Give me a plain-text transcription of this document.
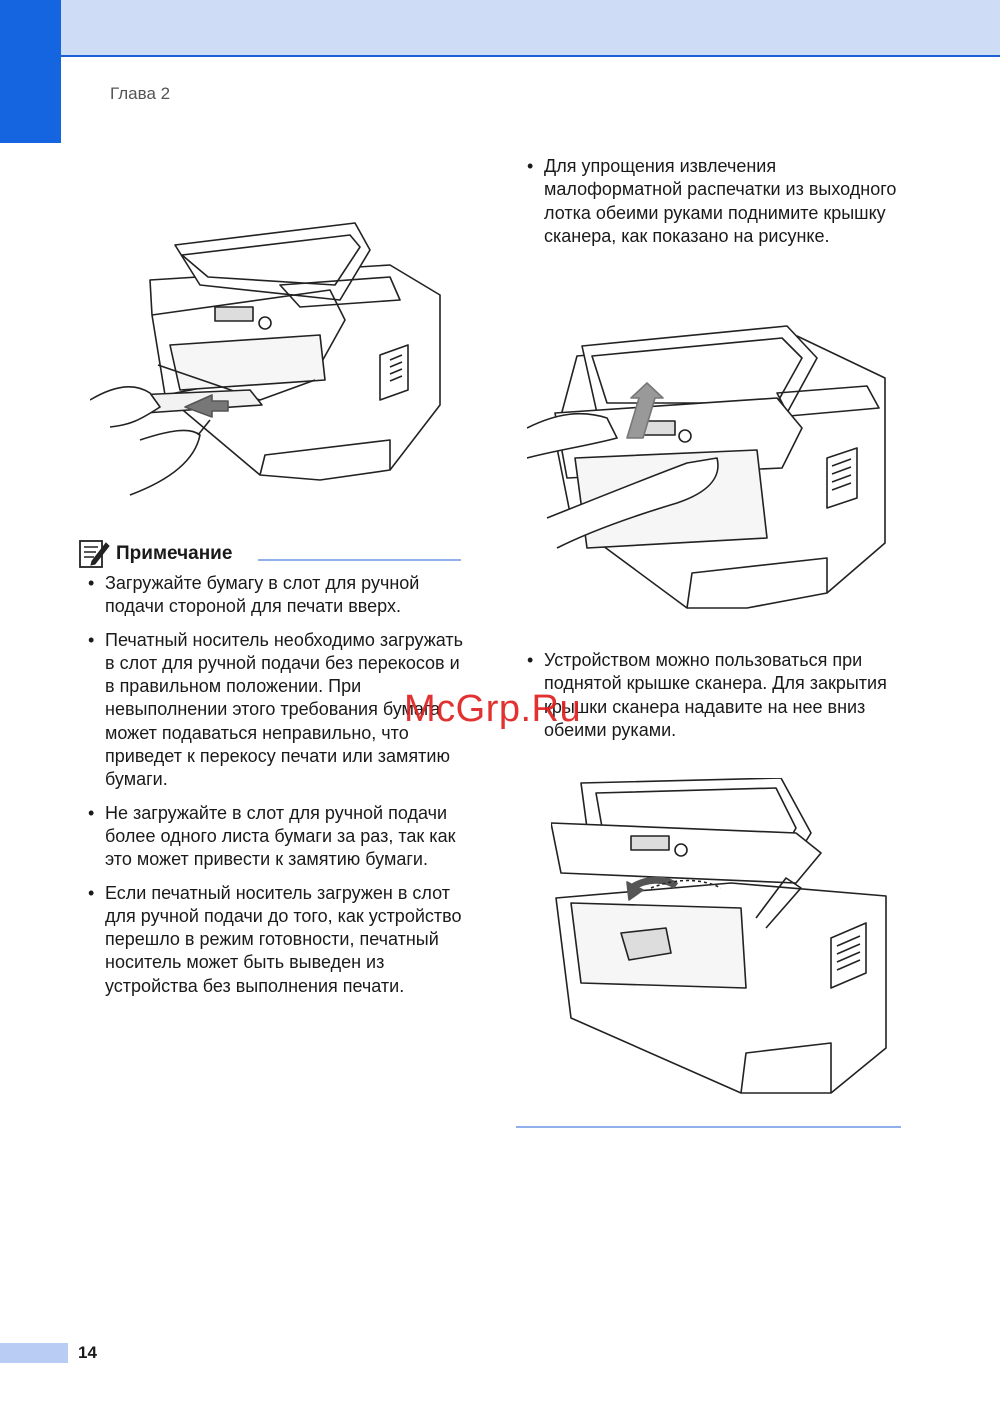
Глава 2
Примечание
• Загружайте бумагу в слот для ручной подачи стороной для печати вверх.
• Печатный носитель необходимо загружать в слот для ручной подачи без перекосов и в правильном положении. При невыполнении этого требования бумага может подаваться неправильно, что приведет к перекосу печати или замятию бумаги.
• Не загружайте в слот для ручной подачи более одного листа бумаги за раз, так как это может привести к замятию бумаги.
• Если печатный носитель загружен в слот для ручной подачи до того, как устройство перешло в режим готовности, печатный носитель может быть выведен из устройства без выполнения печати.
• Для упрощения извлечения малоформатной распечатки из выходного лотка обеими руками поднимите крышку сканера, как показано на рисунке.
• Устройством можно пользоваться при поднятой крышке сканера. Для закрытия крышки сканера надавите на нее вниз обеими руками.
McGrp.Ru
14
